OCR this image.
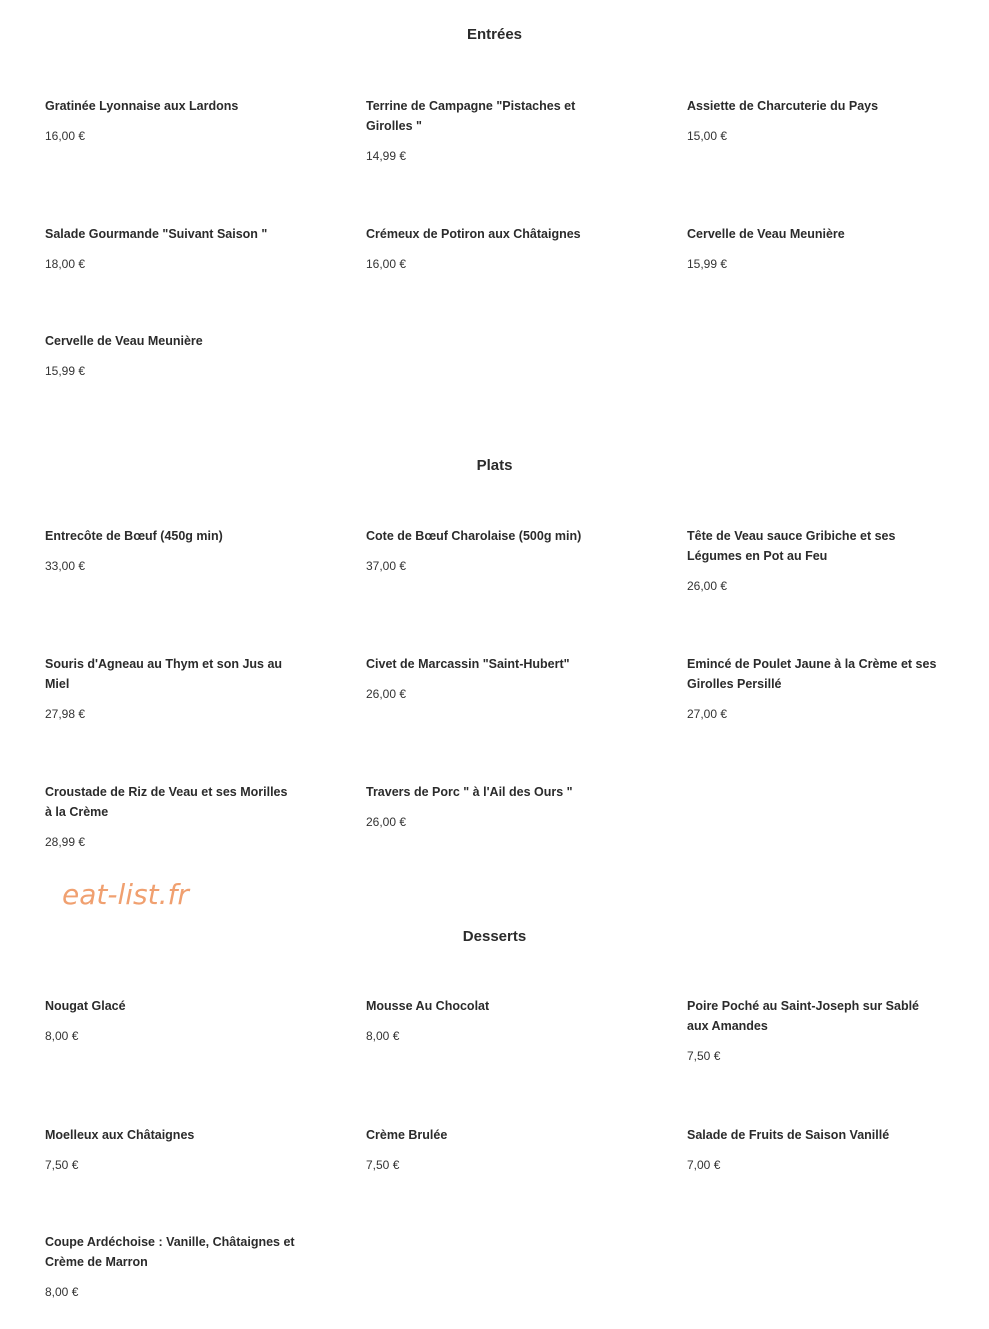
Entrées
Gratinée Lyonnaise aux Lardons
16,00 €
Terrine de Campagne "Pistaches et Girolles "
14,99 €
Assiette de Charcuterie du Pays
15,00 €
Salade Gourmande "Suivant Saison "
18,00 €
Crémeux de Potiron aux Châtaignes
16,00 €
Cervelle de Veau Meunière
15,99 €
Cervelle de Veau Meunière
15,99 €
Plats
Entrecôte de Bœuf (450g min)
33,00 €
Cote de Bœuf Charolaise (500g min)
37,00 €
Tête de Veau sauce Gribiche et ses Légumes en Pot au Feu
26,00 €
Souris d'Agneau au Thym et son Jus au Miel
27,98 €
Civet de Marcassin "Saint-Hubert"
26,00 €
Emincé de Poulet Jaune à la Crème et ses Girolles Persillé
27,00 €
Croustade de Riz de Veau et ses Morilles à la Crème
28,99 €
Travers de Porc " à l'Ail des Ours "
26,00 €
eat-list.fr
Desserts
Nougat Glacé
8,00 €
Mousse Au Chocolat
8,00 €
Poire Poché au Saint-Joseph sur Sablé aux Amandes
7,50 €
Moelleux aux Châtaignes
7,50 €
Crème Brulée
7,50 €
Salade de Fruits de Saison Vanillé
7,00 €
Coupe Ardéchoise : Vanille, Châtaignes et Crème de Marron
8,00 €
